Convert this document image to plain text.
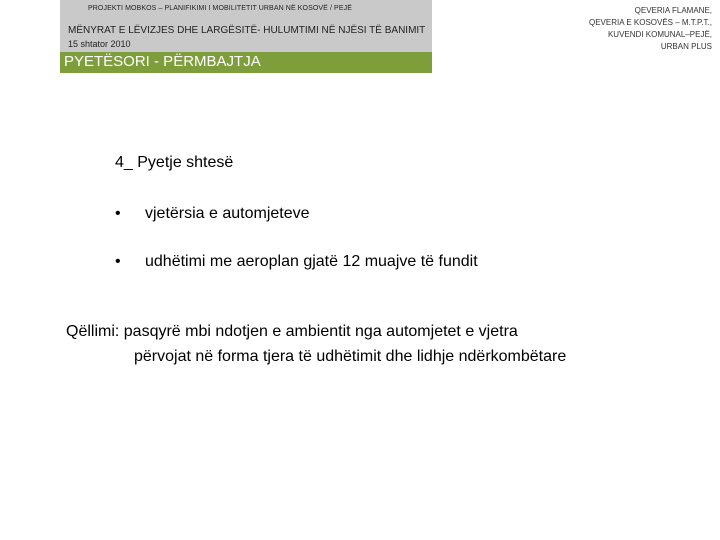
PROJEKTI MOBKOS – PLANIFIKIMI I MOBILITETIT URBAN NË KOSOVË / PEJË
MËNYRAT E LËVIZJES DHE LARGËSITË- HULUMTIMI NË NJËSI TË BANIMIT
15 shtator 2010
PYETËSORI - PËRMBAJTJA
QEVERIA FLAMANE,
QEVERIA E KOSOVËS – M.T.P.T.,
KUVENDI KOMUNAL–PEJË,
URBAN PLUS
4_ Pyetje shtesë
• vjetërsia e automjeteve
• udhëtimi me aeroplan gjatë 12 muajve të fundit
Qëllimi: pasqyrë mbi ndotjen e ambientit nga automjetet e vjetra
përvojat në forma tjera të udhëtimit dhe lidhje ndërkombëtare
